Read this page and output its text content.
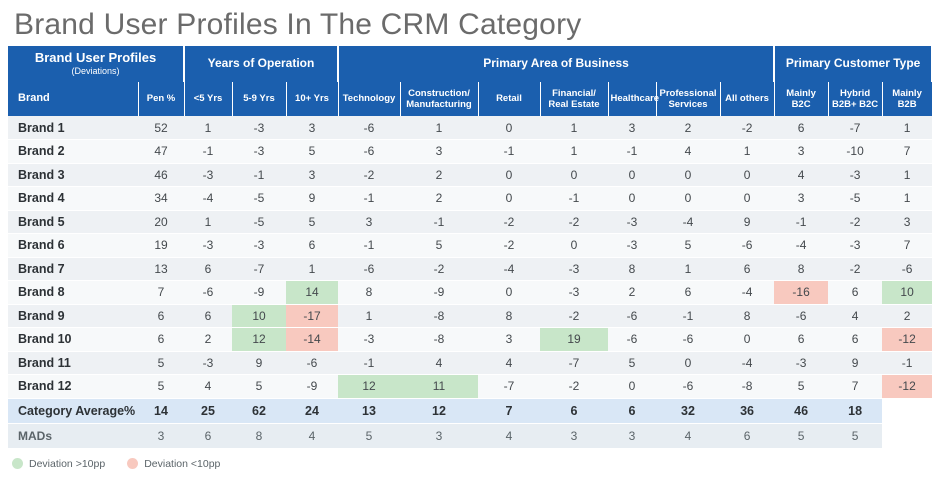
Brand User Profiles In The CRM Category
Brand User Profiles
(Deviations)		Years of Operation			Primary Area of Business							Primary Customer Type		
Brand	Pen %	<5 Yrs	5-9 Yrs	10+ Yrs	Technology	Construction/ Manufacturing	Retail	Financial/ Real Estate	Healthcare	Professional Services	All others	Mainly B2C	Hybrid B2B+ B2C	Mainly B2B
Brand 1	52	1	-3	3	-6	1	0	1	3	2	-2	6	-7	1
Brand 2	47	-1	-3	5	-6	3	-1	1	-1	4	1	3	-10	7
Brand 3	46	-3	-1	3	-2	2	0	0	0	0	0	4	-3	1
Brand 4	34	-4	-5	9	-1	2	0	-1	0	0	0	3	-5	1
Brand 5	20	1	-5	5	3	-1	-2	-2	-3	-4	9	-1	-2	3
Brand 6	19	-3	-3	6	-1	5	-2	0	-3	5	-6	-4	-3	7
Brand 7	13	6	-7	1	-6	-2	-4	-3	8	1	6	8	-2	-6
Brand 8	7	-6	-9	14	8	-9	0	-3	2	6	-4	-16	6	10
Brand 9	6	6	10	-17	1	-8	8	-2	-6	-1	8	-6	4	2
Brand 10	6	2	12	-14	-3	-8	3	19	-6	-6	0	6	6	-12
Brand 11	5	-3	9	-6	-1	4	4	-7	5	0	-4	-3	9	-1
Brand 12	5	4	5	-9	12	11	-7	-2	0	-6	-8	5	7	-12
Category Average%	14	25	62	24	13	12	7	6	6	32	36	46	18	
MADs	3	6	8	4	5	3	4	3	3	4	6	5	5	
Deviation >10pp	Deviation <10pp
